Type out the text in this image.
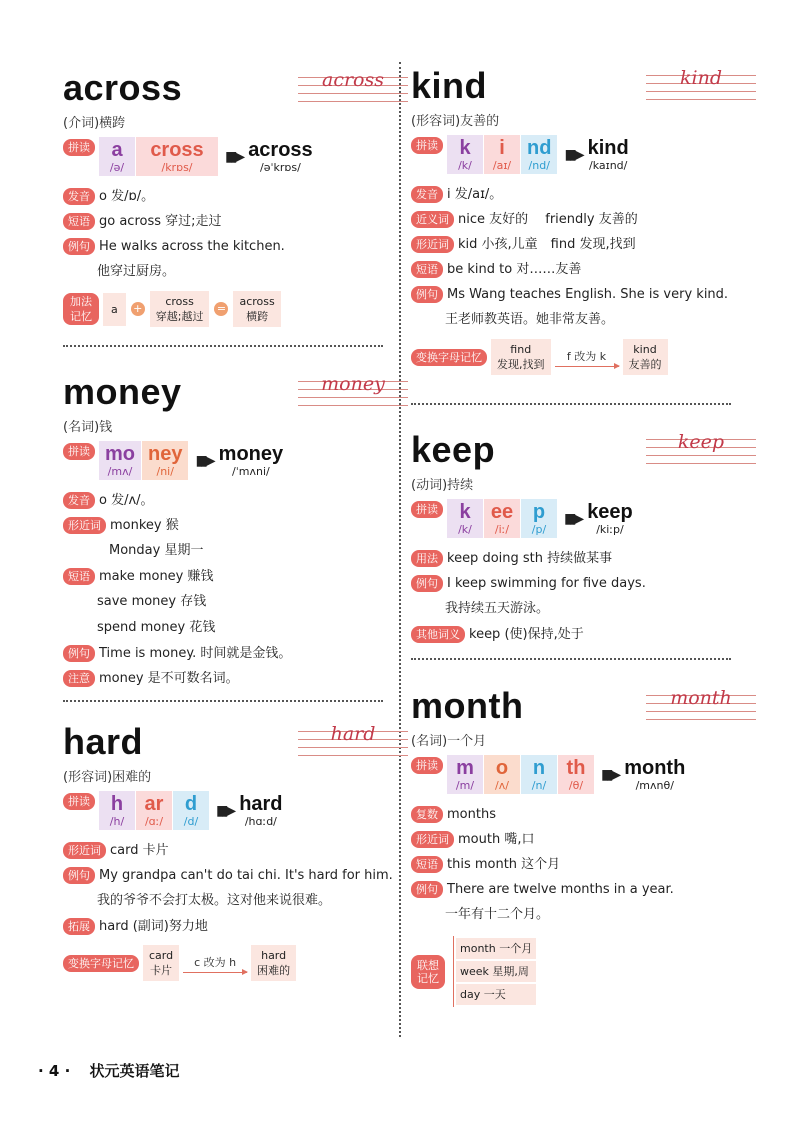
across	across
(介词)横跨
拼读	a
/ə/
cross
/krɒs/
▮▮▶ across
/əˈkrɒs/
发音 o 发/ɒ/。
短语 go across 穿过;走过
例句 He walks across the kitchen.
他穿过厨房。
加法记忆
a	+
cross
穿越;越过
=
across
横跨
money	money
(名词)钱
拼读 mo
/mʌ/
ney
/ni/
▮▮▶ money
/ˈmʌni/
发音 o 发/ʌ/。
形近词 monkey 猴
Monday 星期一
短语 make money 赚钱
save money 存钱
spend money 花钱
例句 Time is money. 时间就是金钱。
注意 money 是不可数名词。
hard	hard
(形容词)困难的
拼读 h
/h/
ar
/ɑː/
d
/d/
▮▮▶ hard
/hɑːd/
形近词 card 卡片
例句 My grandpa can't do tai chi. It's hard for him.
我的爷爷不会打太极。这对他来说很难。
拓展 hard (副词)努力地
变换字母记忆
card
卡片
c 改为 h	hard
困难的
kind	kind
(形容词)友善的
拼读	k
/k/
i
/aɪ/
nd
/nd/
▮▮▶ kind
/kaɪnd/
发音 i 发/aɪ/。
近义词 nice 友好的　 friendly 友善的
形近词 kid 小孩,儿童　find 发现,找到
短语 be kind to 对……友善
例句 Ms Wang teaches English. She is very kind.
王老师教英语。她非常友善。
变换字母记忆
find
发现,找到
f 改为 k	kind
友善的
keep	keep
(动词)持续
拼读	k
/k/
ee
/iː/
p
/p/
▮▮▶ keep
/kiːp/
用法 keep doing sth 持续做某事
例句 I keep swimming for five days.
我持续五天游泳。
其他词义 keep (使)保持,处于
month	month
(名词)一个月
拼读 m
/m/
o
/ʌ/
n
/n/
th
/θ/
▮▮▶ month
/mʌnθ/
复数 months
形近词 mouth 嘴,口
短语 this month 这个月
例句 There are twelve months in a year.
一年有十二个月。
联想记忆
month 一个月
week 星期,周
day 一天
· 4 · 状元英语笔记
